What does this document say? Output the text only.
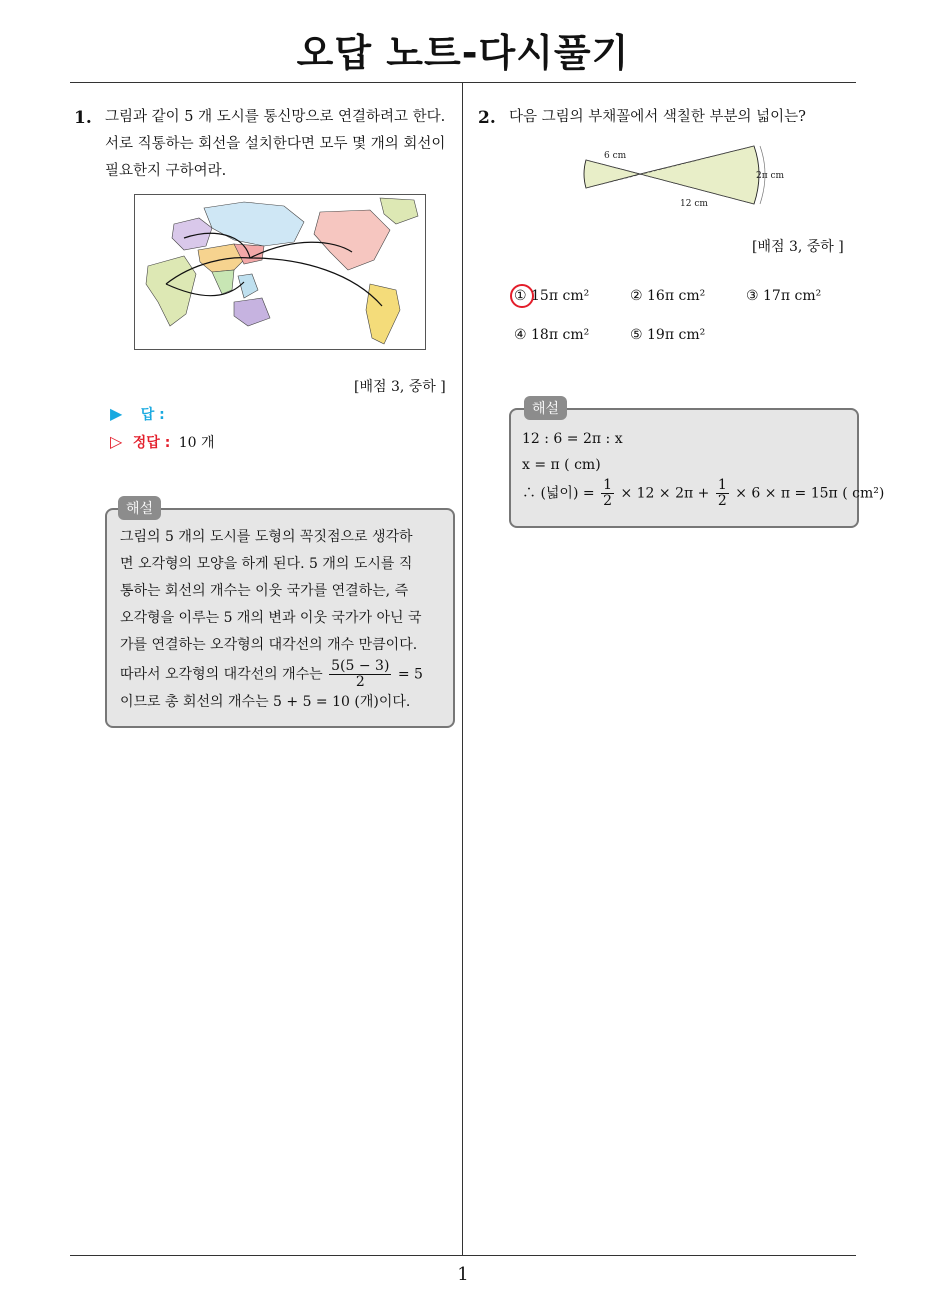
오답 노트-다시풀기
1
1. 그림과 같이 5 개 도시를 통신망으로 연결하려고 한다.
서로 직통하는 회선을 설치한다면 모두 몇 개의 회선이
필요한지 구하여라.
[배점 3, 중하 ]
▶ 답 :
▷ 정답 : 10 개
해설
그림의 5 개의 도시를 도형의 꼭짓점으로 생각하
면 오각형의 모양을 하게 된다. 5 개의 도시를 직
통하는 회선의 개수는 이웃 국가를 연결하는, 즉
오각형을 이루는 5 개의 변과 이웃 국가가 아닌 국
가를 연결하는 오각형의 대각선의 개수 만큼이다.
따라서 오각형의 대각선의 개수는 $\frac{5(5 - 3)}{2} = 5$
이므로 총 회선의 개수는 5 + 5 = 10 (개)이다.
2. 다음 그림의 부채꼴에서 색칠한 부분의 넓이는?
6 cm
12 cm
2π cm
[배점 3, 중하 ]
① 15π cm²	② 16π cm²	③ 17π cm²
④ 18π cm²	⑤ 19π cm²
해설
12 : 6 = 2π : x
x = π ( cm)
∴ (넓이) = $\frac{1}{2} \times 12 \times 2\pi + \frac{1}{2} \times 6 \times \pi = 15\pi$ ( cm²)
